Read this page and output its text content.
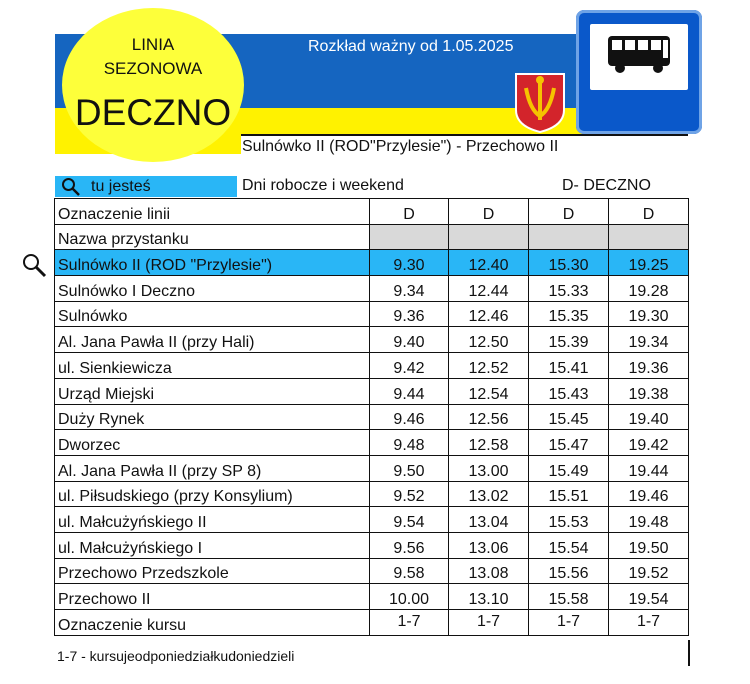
Rozkład ważny od 1.05.2025
LINIA
SEZONOWA
DECZNO
Sulnówko II (ROD"Przylesie") - Przechowo II
tu jesteś	Dni robocze i weekend	D- DECZNO
Oznaczenie linii	D	D	D	D
Nazwa przystanku				
Sulnówko II (ROD "Przylesie")	9.30	12.40	15.30	19.25
Sulnówko I Deczno	9.34	12.44	15.33	19.28
Sulnówko	9.36	12.46	15.35	19.30
Al. Jana Pawła II (przy Hali)	9.40	12.50	15.39	19.34
ul. Sienkiewicza	9.42	12.52	15.41	19.36
Urząd Miejski	9.44	12.54	15.43	19.38
Duży Rynek	9.46	12.56	15.45	19.40
Dworzec	9.48	12.58	15.47	19.42
Al. Jana Pawła II (przy SP 8)	9.50	13.00	15.49	19.44
ul. Piłsudskiego (przy Konsylium)	9.52	13.02	15.51	19.46
ul. Małcużyńskiego II	9.54	13.04	15.53	19.48
ul. Małcużyńskiego I	9.56	13.06	15.54	19.50
Przechowo Przedszkole	9.58	13.08	15.56	19.52
Przechowo II	10.00	13.10	15.58	19.54
Oznaczenie kursu	1-7	1-7	1-7	1-7
1-7 - kursujeodponiedziałkudoniedzieli
